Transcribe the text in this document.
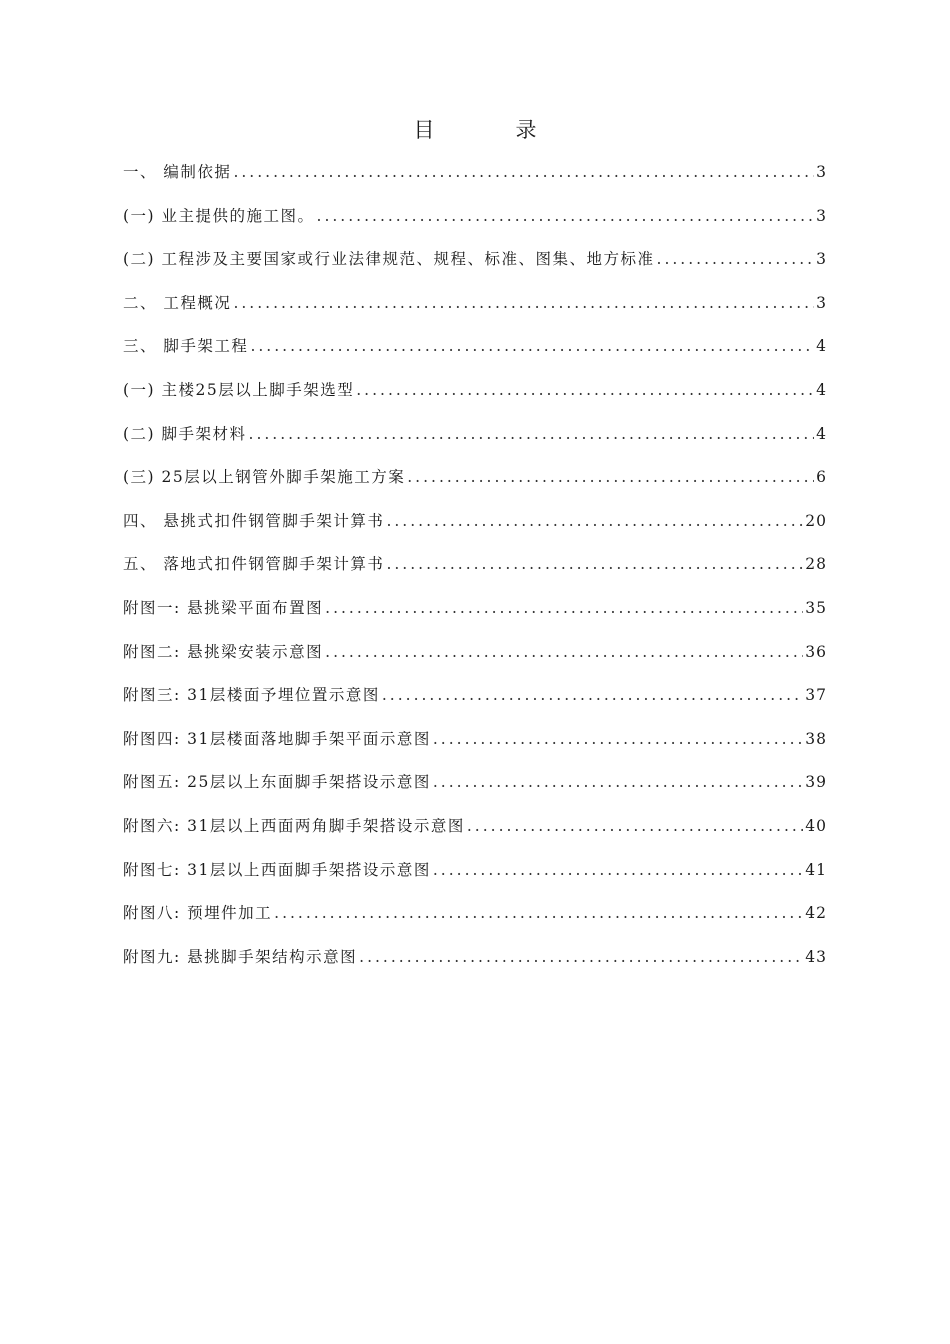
目　录
一、 编制依据 .....	3
(一) 业主提供的施工图。 .....	3
(二) 工程涉及主要国家或行业法律规范、规程、标准、图集、地方标准 .....	3
二、 工程概况 .....	3
三、 脚手架工程 .....	4
(一) 主楼25层以上脚手架选型 .....	4
(二) 脚手架材料 .....	4
(三) 25层以上钢管外脚手架施工方案 .....	6
四、 悬挑式扣件钢管脚手架计算书 .....	20
五、 落地式扣件钢管脚手架计算书 .....	28
附图一: 悬挑梁平面布置图 .....	35
附图二: 悬挑梁安装示意图 .....	36
附图三: 31层楼面予埋位置示意图 .....	37
附图四: 31层楼面落地脚手架平面示意图 .....	38
附图五: 25层以上东面脚手架搭设示意图 .....	39
附图六: 31层以上西面两角脚手架搭设示意图 .....	40
附图七: 31层以上西面脚手架搭设示意图 .....	41
附图八: 预埋件加工 .....	42
附图九: 悬挑脚手架结构示意图 .....	43
